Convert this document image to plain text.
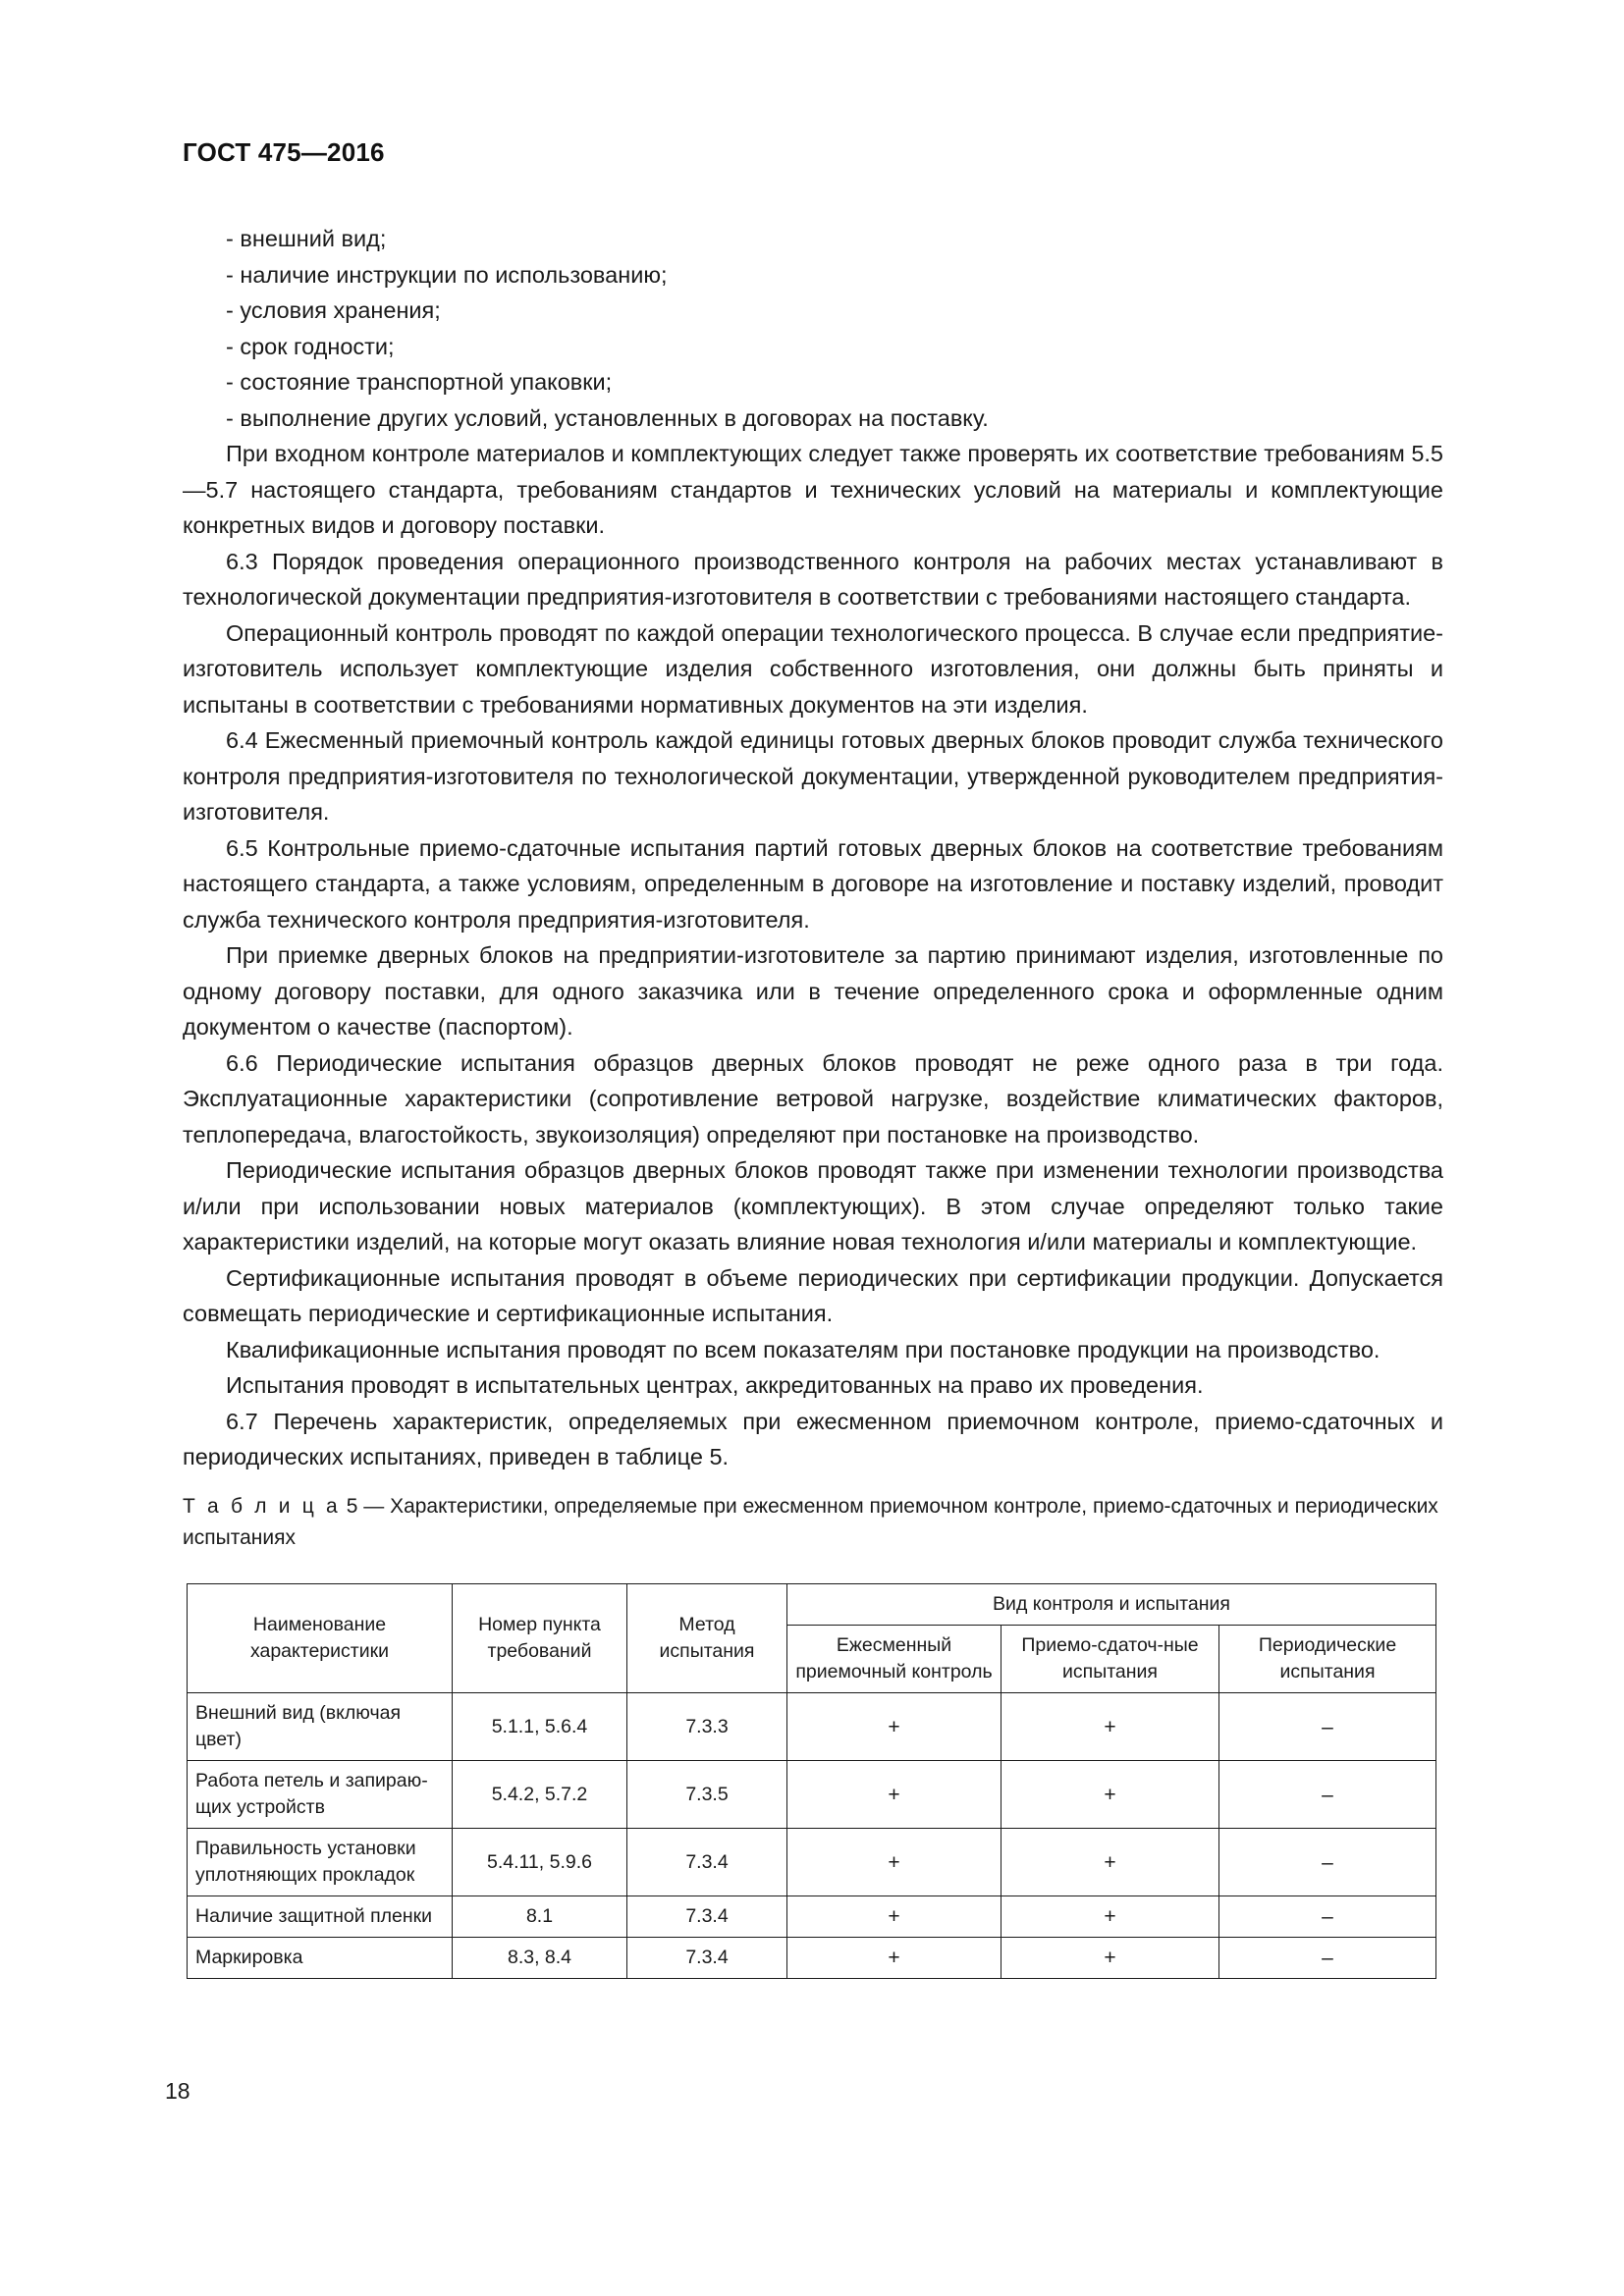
ГОСТ 475—2016
- внешний вид;
- наличие инструкции по использованию;
- условия хранения;
- срок годности;
- состояние транспортной упаковки;
- выполнение других условий, установленных в договорах на поставку.

При входном контроле материалов и комплектующих следует также проверять их соответствие требованиям 5.5—5.7 настоящего стандарта, требованиям стандартов и технических условий на материалы и комплектующие конкретных видов и договору поставки.

6.3 Порядок проведения операционного производственного контроля на рабочих местах устанавливают в технологической документации предприятия-изготовителя в соответствии с требованиями настоящего стандарта.

Операционный контроль проводят по каждой операции технологического процесса. В случае если предприятие-изготовитель использует комплектующие изделия собственного изготовления, они должны быть приняты и испытаны в соответствии с требованиями нормативных документов на эти изделия.

6.4 Ежесменный приемочный контроль каждой единицы готовых дверных блоков проводит служба технического контроля предприятия-изготовителя по технологической документации, утвержденной руководителем предприятия-изготовителя.

6.5 Контрольные приемо-сдаточные испытания партий готовых дверных блоков на соответствие требованиям настоящего стандарта, а также условиям, определенным в договоре на изготовление и поставку изделий, проводит служба технического контроля предприятия-изготовителя.

При приемке дверных блоков на предприятии-изготовителе за партию принимают изделия, изготовленные по одному договору поставки, для одного заказчика или в течение определенного срока и оформленные одним документом о качестве (паспортом).

6.6 Периодические испытания образцов дверных блоков проводят не реже одного раза в три года. Эксплуатационные характеристики (сопротивление ветровой нагрузке, воздействие климатических факторов, теплопередача, влагостойкость, звукоизоляция) определяют при постановке на производство.

Периодические испытания образцов дверных блоков проводят также при изменении технологии производства и/или при использовании новых материалов (комплектующих). В этом случае определяют только такие характеристики изделий, на которые могут оказать влияние новая технология и/или материалы и комплектующие.

Сертификационные испытания проводят в объеме периодических при сертификации продукции. Допускается совмещать периодические и сертификационные испытания.

Квалификационные испытания проводят по всем показателям при постановке продукции на производство.

Испытания проводят в испытательных центрах, аккредитованных на право их проведения.

6.7 Перечень характеристик, определяемых при ежесменном приемочном контроле, приемо-сдаточных и периодических испытаниях, приведен в таблице 5.

Т а б л и ц а 5 — Характеристики, определяемые при ежесменном приемочном контроле, приемо-сдаточных и периодических испытаниях
Наименование характеристики	Номер пункта требований	Метод испытания	Вид контроля и испытания		
			Ежесменный приемочный контроль	Приемо-сдаточ-ные испытания	Периодические испытания
Внешний вид (включая цвет)	5.1.1, 5.6.4	7.3.3	+	+	–
Работа петель и запираю-щих устройств	5.4.2, 5.7.2	7.3.5	+	+	–
Правильность установки уплотняющих прокладок	5.4.11, 5.9.6	7.3.4	+	+	–
Наличие защитной пленки	8.1	7.3.4	+	+	–
Маркировка	8.3, 8.4	7.3.4	+	+	–
18
